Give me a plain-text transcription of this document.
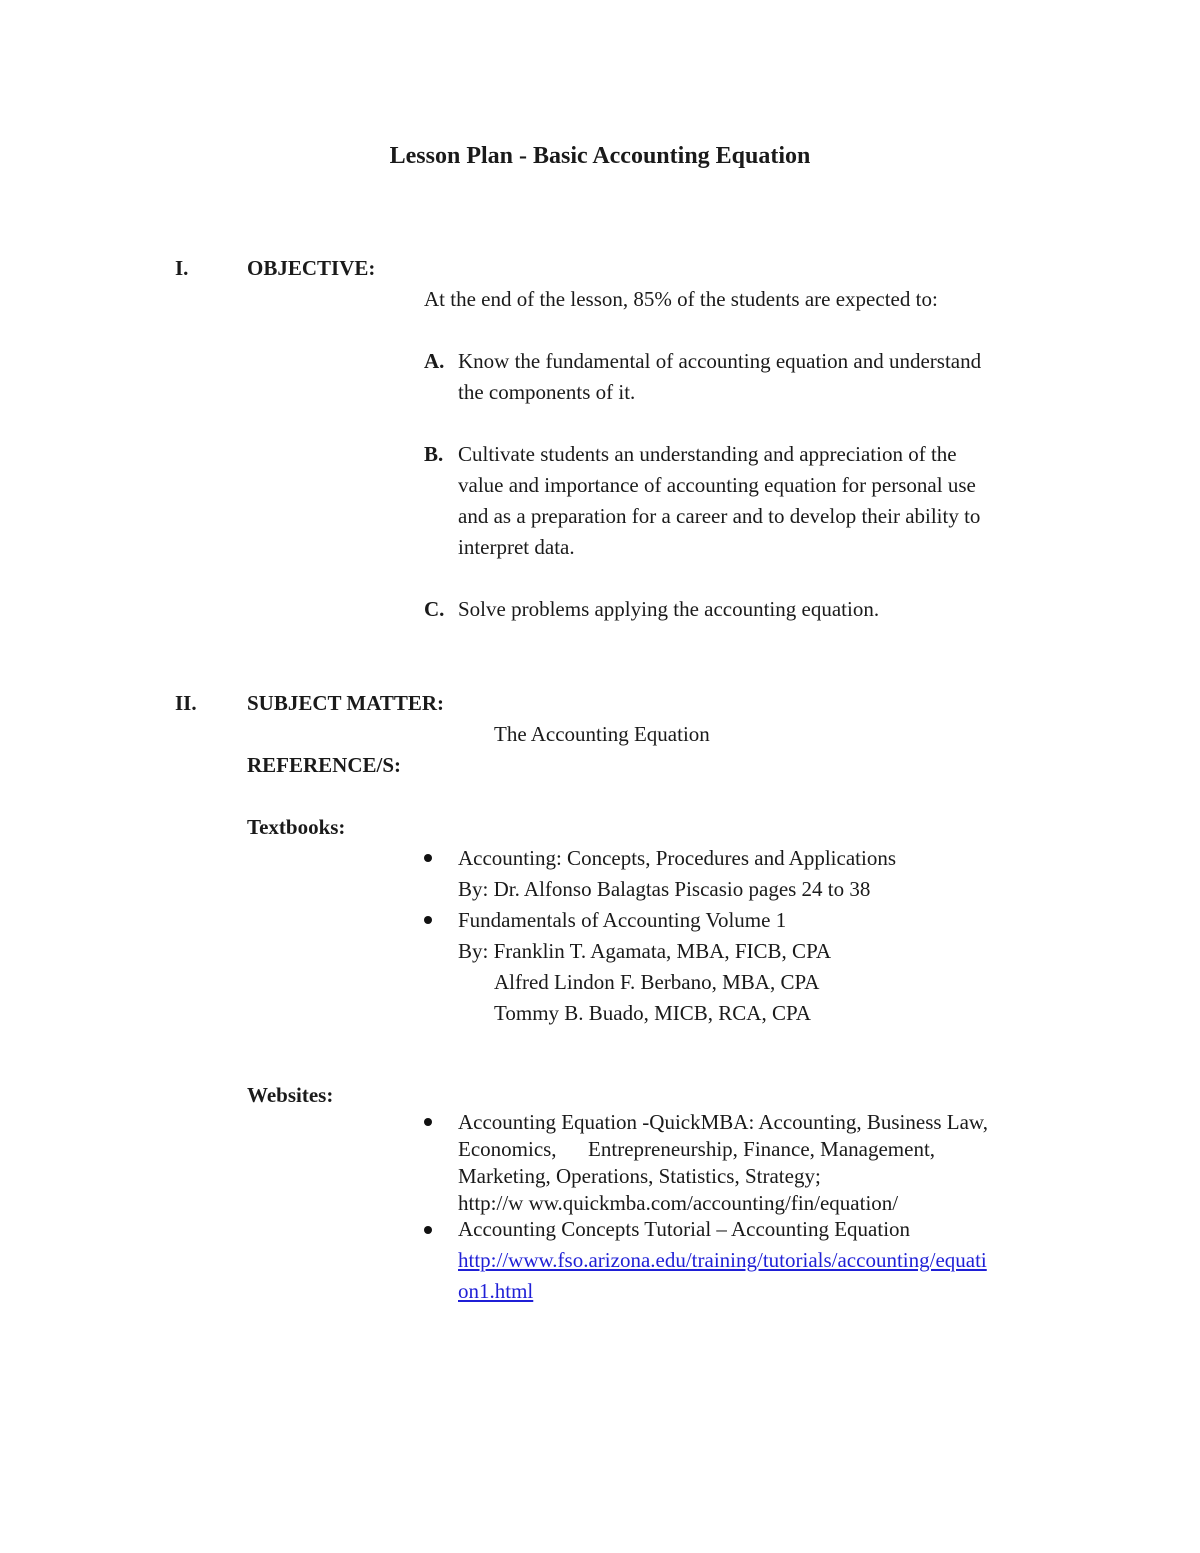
Lesson Plan - Basic Accounting Equation
I.	OBJECTIVE:
At the end of the lesson, 85% of the students are expected to:
A. Know the fundamental of accounting equation and understand
the components of it.
B. Cultivate students an understanding and appreciation of the
value and importance of accounting equation for personal use
and as a preparation for a career and to develop their ability to
interpret data.
C. Solve problems applying the accounting equation.
II. SUBJECT MATTER:
The Accounting Equation
REFERENCE/S:
Textbooks:
Accounting: Concepts, Procedures and Applications
By: Dr. Alfonso Balagtas Piscasio pages 24 to 38
Fundamentals of Accounting Volume 1
By: Franklin T. Agamata, MBA, FICB, CPA
Alfred Lindon F. Berbano, MBA, CPA
Tommy B. Buado, MICB, RCA, CPA
Websites:
Accounting Equation -QuickMBA: Accounting, Business Law,
Economics,      Entrepreneurship, Finance, Management,
Marketing, Operations, Statistics, Strategy;
http://w ww.quickmba.com/accounting/fin/equation/
Accounting Concepts Tutorial – Accounting Equation
http://www.fso.arizona.edu/training/tutorials/accounting/equati
on1.html
